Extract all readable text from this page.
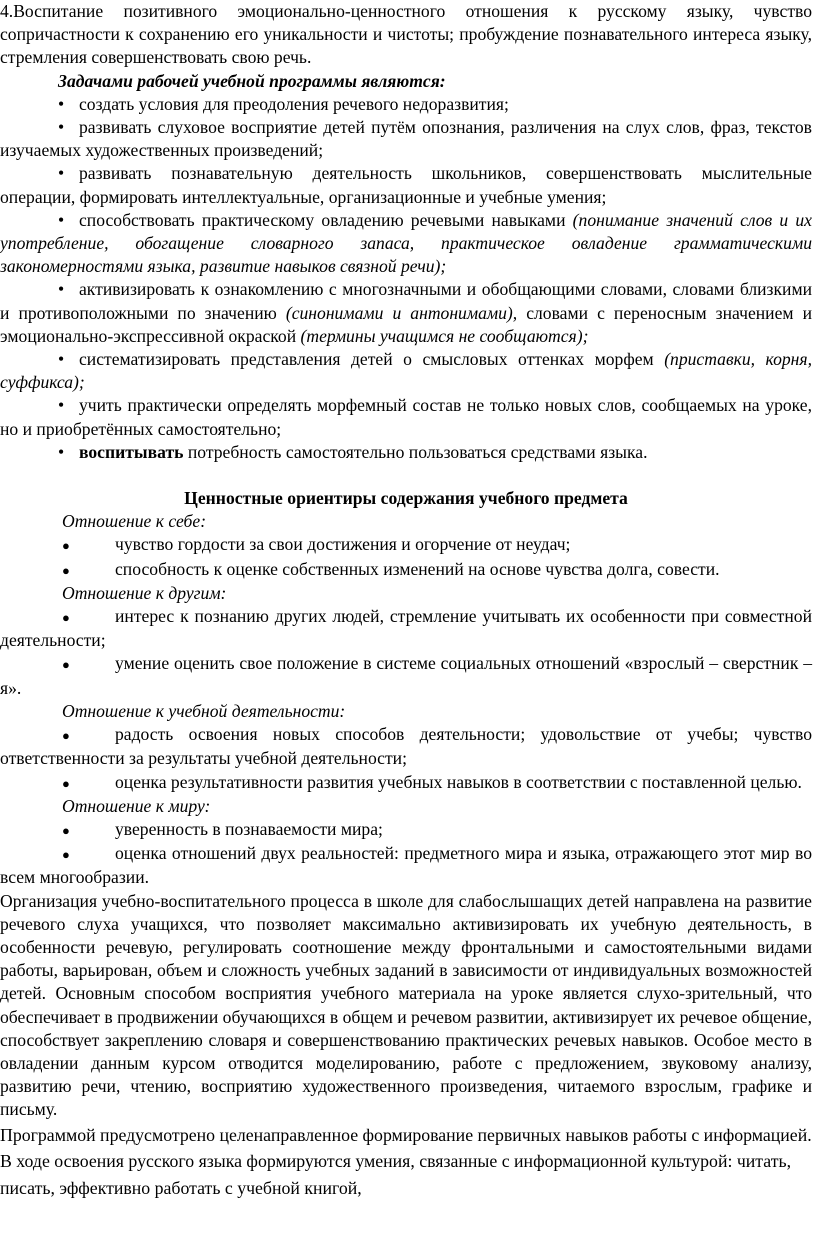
4.Воспитание позитивного эмоционально-ценностного отношения к русскому языку, чувство сопричастности к сохранению его уникальности и чистоты; пробуждение познавательного интереса языку, стремления совершенствовать свою речь.

Задачами рабочей учебной программы являются:

• создать условия для преодоления речевого недоразвития;

• развивать слуховое восприятие детей путём опознания, различения на слух слов, фраз, текстов изучаемых художественных произведений;

• развивать познавательную деятельность школьников, совершенствовать мыслительные операции, формировать интеллектуальные, организационные и учебные умения;

• способствовать практическому овладению речевыми навыками (понимание значений слов и их употребление, обогащение словарного запаса, практическое овладение грамматическими закономерностями языка, развитие навыков связной речи);

• активизировать к ознакомлению с многозначными и обобщающими словами, словами близкими и противоположными по значению (синонимами и антонимами), словами с переносным значением и эмоционально-экспрессивной окраской (термины учащимся не сообщаются);

• систематизировать представления детей о смысловых оттенках морфем (приставки, корня, суффикса);

• учить практически определять морфемный состав не только новых слов, сообщаемых на уроке, но и приобретённых самостоятельно;

• воспитывать потребность самостоятельно пользоваться средствами языка.

Ценностные ориентиры содержания учебного предмета

Отношение к себе:

●	чувство гордости за свои достижения и огорчение от неудач;

●	способность к оценке собственных изменений на основе чувства долга, совести.

Отношение к другим:

●	интерес к познанию других людей, стремление учитывать их особенности при совместной деятельности;

●	умение оценить свое положение в системе социальных отношений «взрослый – сверстник – я».

Отношение к учебной деятельности:

●	радость освоения новых способов деятельности; удовольствие от учебы; чувство ответственности за результаты учебной деятельности;

●	оценка результативности развития учебных навыков в соответствии с поставленной целью.

Отношение к миру:

●	уверенность в познаваемости мира;

●	оценка отношений двух реальностей: предметного мира и языка, отражающего этот мир во всем многообразии.

Организация учебно-воспитательного процесса в школе для слабослышащих детей направлена на развитие речевого слуха учащихся, что позволяет максимально активизировать их учебную деятельность, в особенности речевую, регулировать соотношение между фронтальными и самостоятельными видами работы, варьирован, объем и сложность учебных заданий в зависимости от индивидуальных возможностей детей. Основным способом восприятия учебного материала на уроке является слухо-зрительный, что обеспечивает в продвижении обучающихся в общем и речевом развитии, активизирует их речевое общение, способствует закреплению словаря и совершенствованию практических речевых навыков. Особое место в овладении данным курсом отводится моделированию, работе с предложением, звуковому анализу, развитию речи, чтению, восприятию художественного произведения, читаемого взрослым, графике и письму.

Программой предусмотрено целенаправленное формирование первичных навыков работы с информацией. В ходе освоения русского языка формируются умения, связанные с информационной культурой: читать, писать, эффективно работать с учебной книгой,
